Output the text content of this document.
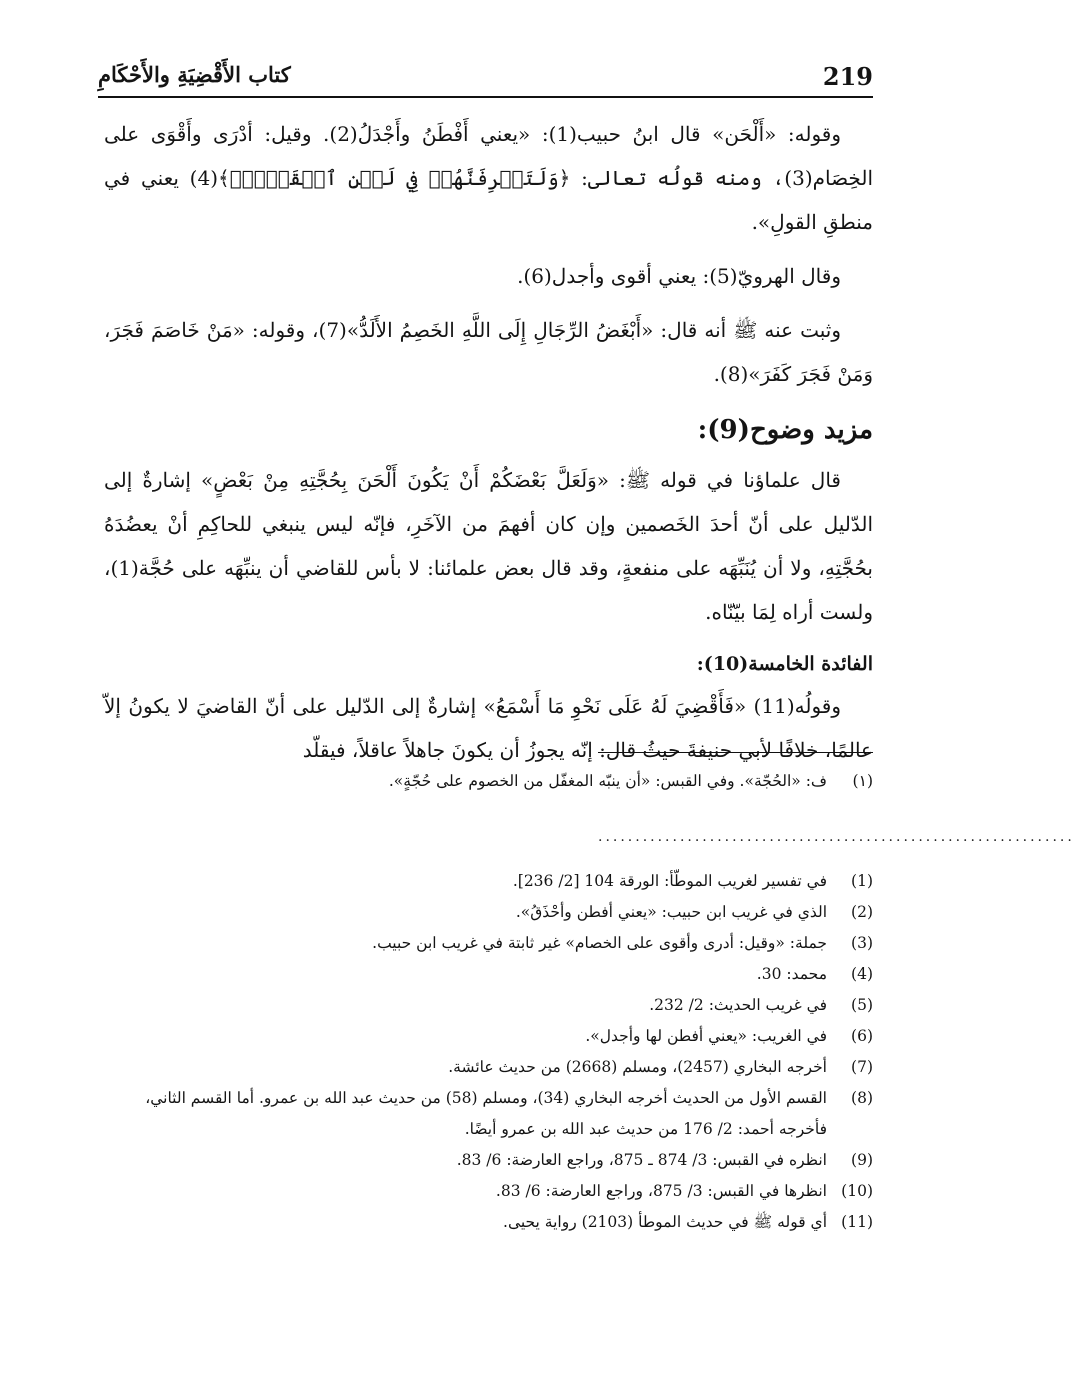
219
كتاب الأَقْضِيَةِ والأَحْكَامِ

وقوله: «أَلْحَن» قال ابنُ حبيب(1): «يعني أَفْطَنُ وأَجْدَلُ(2). وقيل: أدْرَى وأَقْوَى على الخِصَام(3)، ومنه قولُه تعالى: ﴿وَلَتَعۡرِفَنَّهُمۡ فِي لَحۡنِ ٱلۡقَوۡلِۚ﴾(4) يعني في منطقِ القولِ».

وقال الهرويّ(5): يعني أقوى وأجدل(6).

وثبت عنه ﷺ أنه قال: «أَبْغَضُ الرِّجَالِ إِلَى اللَّهِ الخَصِمُ الأَلَدُّ»(7)، وقوله: «مَنْ خَاصَمَ فَجَرَ، وَمَنْ فَجَرَ كَفَرَ»(8).

مزيد وضوح(9):

قال علماؤنا في قوله ﷺ: «وَلَعَلَّ بَعْضَكُمْ أَنْ يَكُونَ أَلْحَنَ بِحُجَّتِهِ مِنْ بَعْضٍ» إشارةٌ إلى الدّليل على أنّ أحدَ الخَصمين وإن كان أفهمَ من الآخَرِ، فإنّه ليس ينبغي للحاكِمِ أنْ يعضُدَهُ بحُجَّتِهِ، ولا أن يُنَبِّهَه على منفعةٍ، وقد قال بعض علمائنا: لا بأس للقاضي أن ينبِّهَه على حُجَّة(1)، ولست أراه لِمَا بيّنّاه.

الفائدة الخامسة(10):

وقولُه(11) «فَأَقْضِيَ لَهُ عَلَى نَحْوِ مَا أَسْمَعُ» إشارةٌ إلى الدّليل على أنّ القاضيَ لا يكونُ إلاّ عالمًا، خلافًا لأبي حنيفةَ حيثُ قال: إنّه يجوزُ أن يكونَ جاهلاً عاقلاً، فيقلّد

(١)
ف: «الحُجّة». وفي القبس: «أن ينبّه المغفّل من الخصوم على حُجّةٍ».
................................................................
(1)
في تفسير لغريب الموطّأ: الورقة 104 [2/ 236].
(2)
الذي في غريب ابن حبيب: «يعني أفطن وأحْذَقُ».
(3)
جملة: «وقيل: أدرى وأقوى على الخصام» غير ثابتة في غريب ابن حبيب.
(4)
محمد: 30.
(5)
في غريب الحديث: 2/ 232.
(6)
في الغريب: «يعني أفطن لها وأجدل».
(7)
أخرجه البخاري (2457)، ومسلم (2668) من حديث عائشة.
(8)
القسم الأول من الحديث أخرجه البخاري (34)، ومسلم (58) من حديث عبد الله بن عمرو. أما القسم الثاني، فأخرجه أحمد: 2/ 176 من حديث عبد الله بن عمرو أيضًا.
(9)
انظره في القبس: 3/ 874 ـ 875، وراجع العارضة: 6/ 83.
(10)
انظرها في القبس: 3/ 875، وراجع العارضة: 6/ 83.
(11)
أي قوله ﷺ في حديث الموطأ (2103) رواية يحيى.
